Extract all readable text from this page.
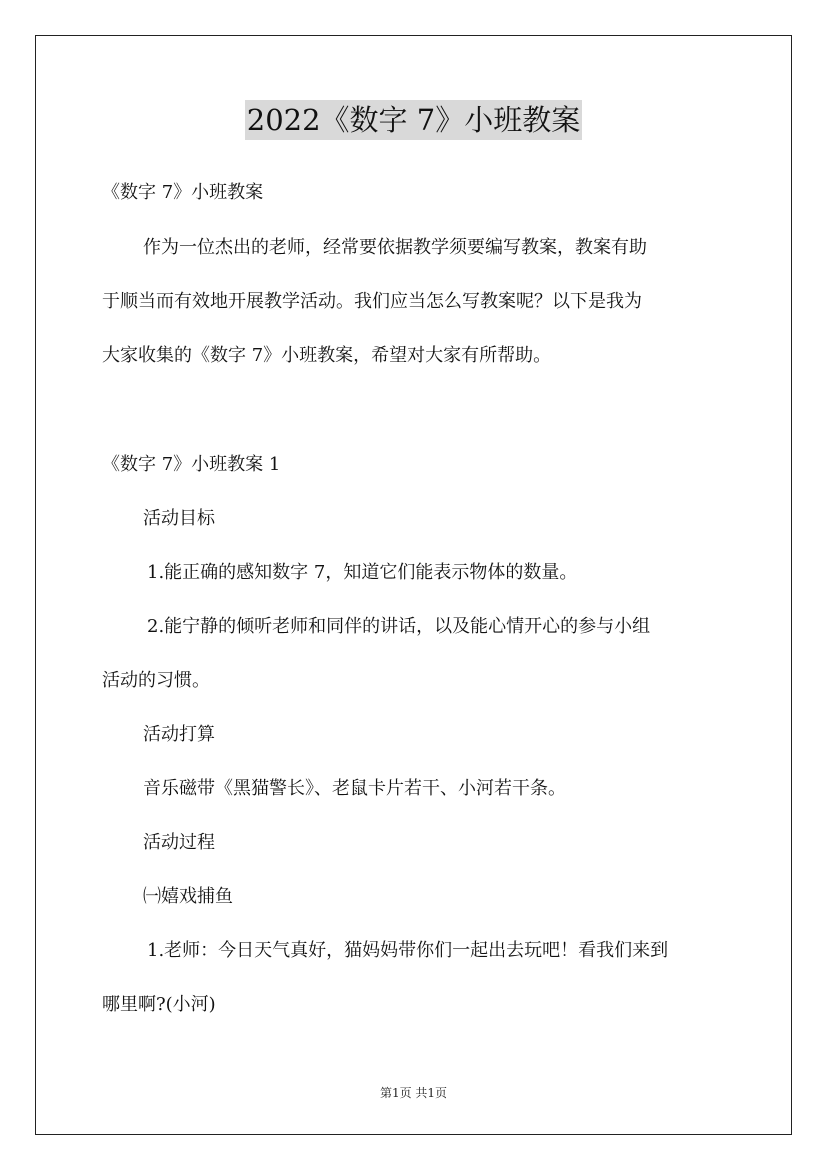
2022《数字 7》小班教案
《数字 7》小班教案
作为一位杰出的老师，经常要依据教学须要编写教案，教案有助
于顺当而有效地开展教学活动。我们应当怎么写教案呢？以下是我为
大家收集的《数字 7》小班教案，希望对大家有所帮助。
《数字 7》小班教案 1
活动目标
1.能正确的感知数字 7，知道它们能表示物体的数量。
2.能宁静的倾听老师和同伴的讲话，以及能心情开心的参与小组
活动的习惯。
活动打算
音乐磁带《黑猫警长》、老鼠卡片若干、小河若干条。
活动过程
㈠嬉戏捕鱼
1.老师：今日天气真好，猫妈妈带你们一起出去玩吧！看我们来到
哪里啊?(小河)
第1页 共1页
